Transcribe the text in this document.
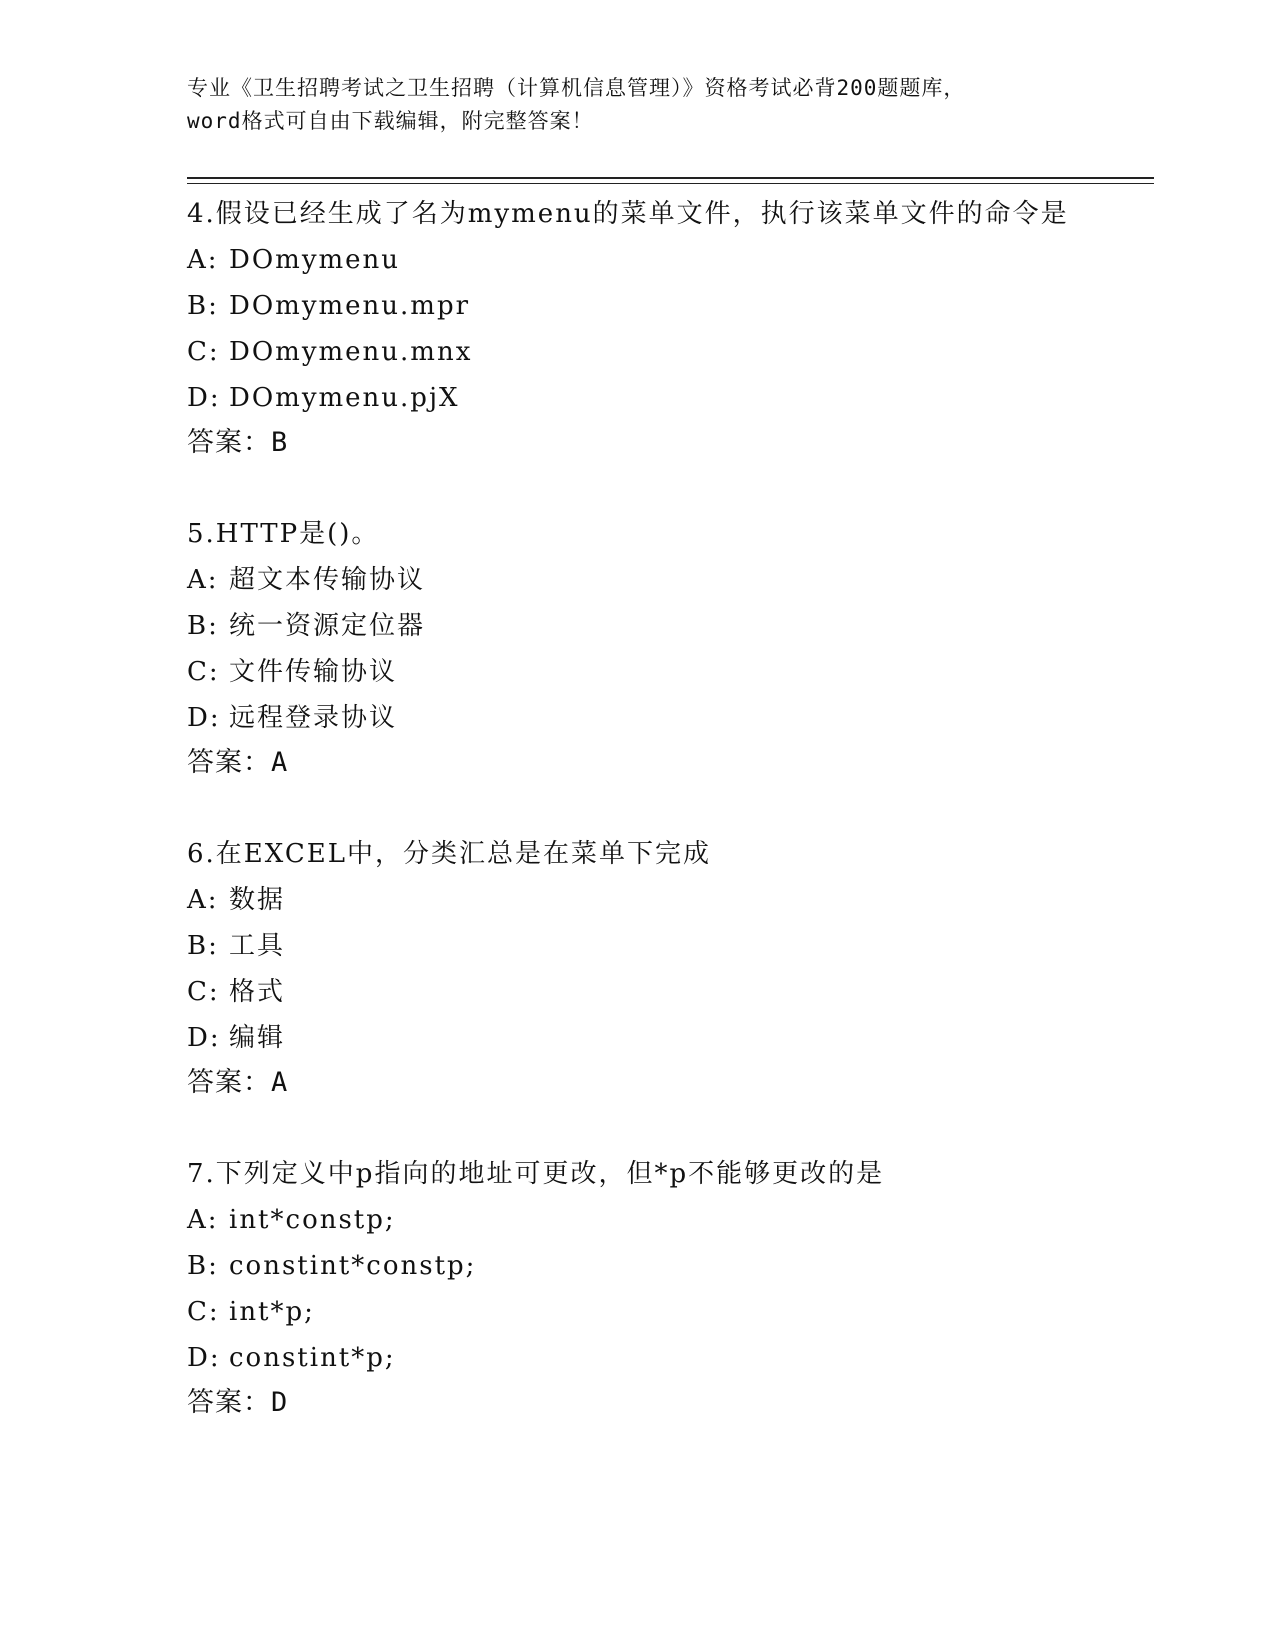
专业《卫生招聘考试之卫生招聘（计算机信息管理）》资格考试必背200题题库，
word格式可自由下载编辑，附完整答案！
4.假设已经生成了名为mymenu的菜单文件，执行该菜单文件的命令是
A: DOmymenu
B: DOmymenu.mpr
C: DOmymenu.mnx
D: DOmymenu.pjX
答案：B
5.HTTP是()。
A: 超文本传输协议
B: 统一资源定位器
C: 文件传输协议
D: 远程登录协议
答案：A
6.在EXCEL中，分类汇总是在菜单下完成
A: 数据
B: 工具
C: 格式
D: 编辑
答案：A
7.下列定义中p指向的地址可更改，但*p不能够更改的是
A: int*constp;
B: constint*constp;
C: int*p;
D: constint*p;
答案：D
